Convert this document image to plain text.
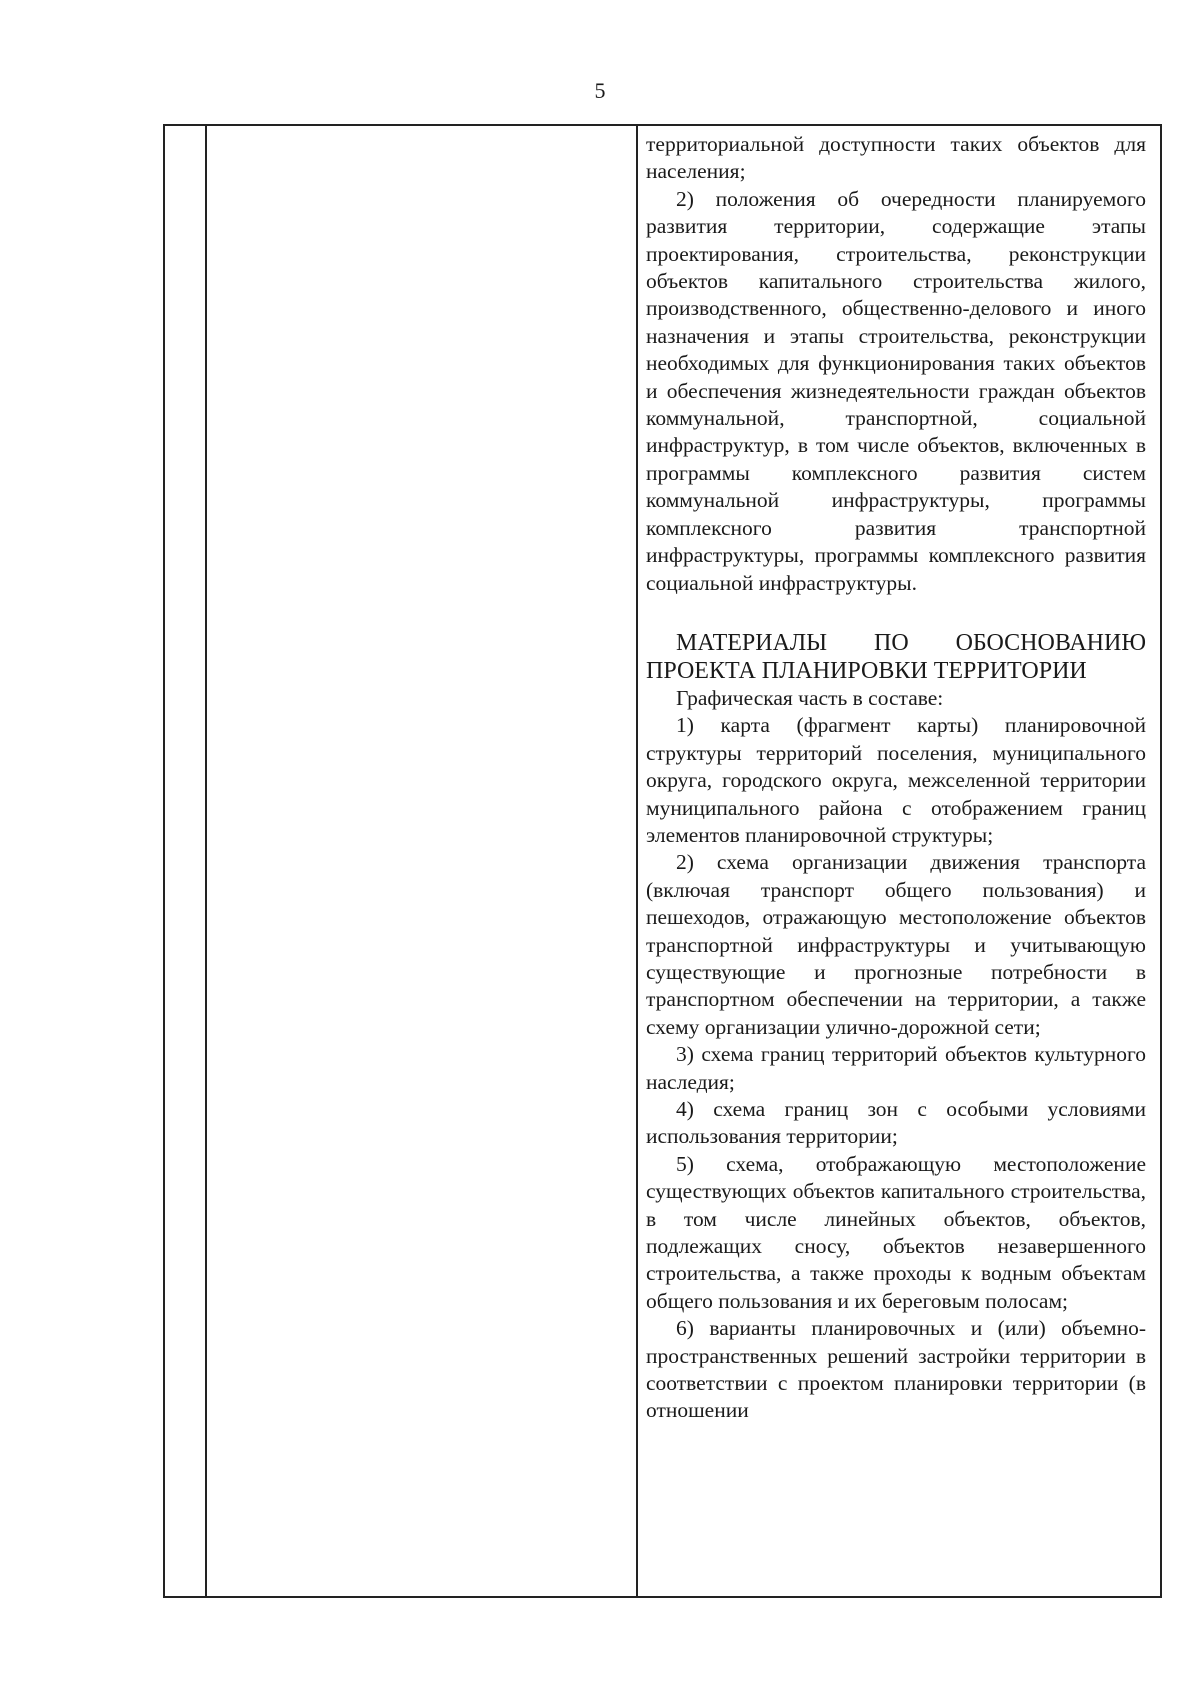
5

территориальной доступности таких объектов для населения;

2) положения об очередности планируемого развития территории, содержащие этапы проектирования, строительства, реконструкции объектов капитального строительства жилого, производственного, общественно-делового и иного назначения и этапы строительства, реконструкции необходимых для функционирования таких объектов и обеспечения жизнедеятельности граждан объектов коммунальной, транспортной, социальной инфраструктур, в том числе объектов, включенных в программы комплексного развития систем коммунальной инфраструктуры, программы комплексного развития транспортной инфраструктуры, программы комплексного развития социальной инфраструктуры.

МАТЕРИАЛЫ ПО ОБОСНОВАНИЮ

ПРОЕКТА ПЛАНИРОВКИ ТЕРРИТОРИИ

Графическая часть в составе:

1) карта (фрагмент карты) планировочной структуры территорий поселения, муниципального округа, городского округа, межселенной территории муниципального района с отображением границ элементов планировочной структуры;

2) схема организации движения транспорта (включая транспорт общего пользования) и пешеходов, отражающую местоположение объектов транспортной инфраструктуры и учитывающую существующие и прогнозные потребности в транспортном обеспечении на территории, а также схему организации улично-дорожной сети;

3) схема границ территорий объектов культурного наследия;

4) схема границ зон с особыми условиями использования территории;

5) схема, отображающую местоположение существующих объектов капитального строительства, в том числе линейных объектов, объектов, подлежащих сносу, объектов незавершенного строительства, а также проходы к водным объектам общего пользования и их береговым полосам;

6) варианты планировочных и (или) объемно-пространственных решений застройки территории в соответствии с проектом планировки территории (в отношении
